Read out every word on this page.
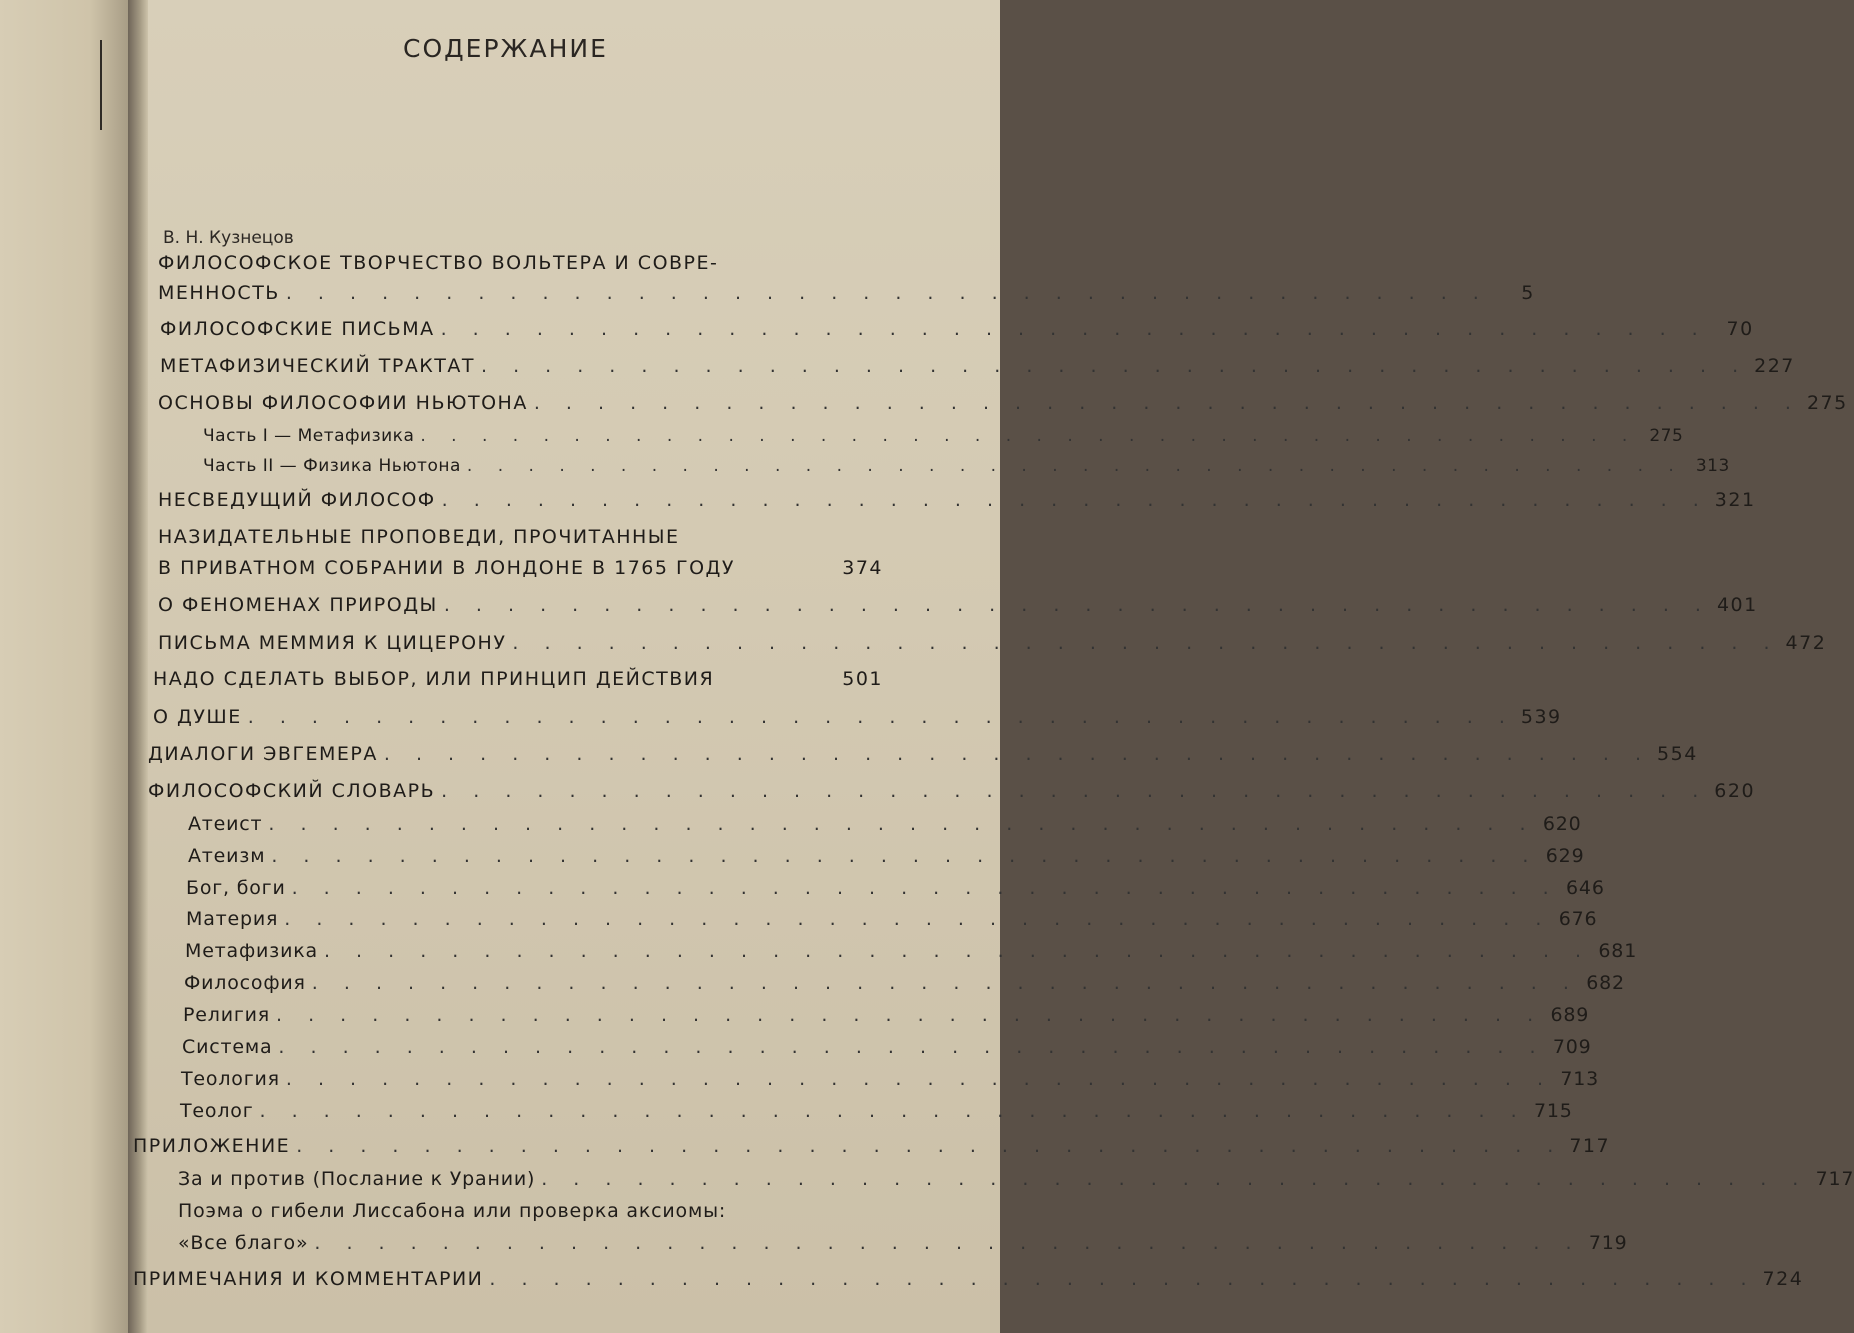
СОДЕРЖАНИЕ
В. Н. Кузнецов
ФИЛОСОФСКОЕ ТВОРЧЕСТВО ВОЛЬТЕРА И СОВРЕ-
МЕННОСТЬ . . . . . . . . . . . . . . . . . . . . . . . . . . . . . . . . . . . . . .	5
ФИЛОСОФСКИЕ ПИСЬМА . . . . . . . . . . . . . . . . . . . . . . . . . . . . . . . . . . . . . . . . 70
МЕТАФИЗИЧЕСКИЙ ТРАКТАТ . . . . . . . . . . . . . . . . . . . . . . . . . . . . . . . . . . . . . . . . 227
ОСНОВЫ ФИЛОСОФИИ НЬЮТОНА . . . . . . . . . . . . . . . . . . . . . . . . . . . . . . . . . . . . . . . . 275
Часть I — Метафизика . . . . . . . . . . . . . . . . . . . . . . . . . . . . . . . . . . . . . . . . 275
Часть II — Физика Ньютона . . . . . . . . . . . . . . . . . . . . . . . . . . . . . . . . . . . . . . . . 313
НЕСВЕДУЩИЙ ФИЛОСОФ . . . . . . . . . . . . . . . . . . . . . . . . . . . . . . . . . . . . . . . . 321
НАЗИДАТЕЛЬНЫЕ ПРОПОВЕДИ, ПРОЧИТАННЫЕ
В ПРИВАТНОМ СОБРАНИИ В ЛОНДОНЕ В 1765 ГОДУ	374
О ФЕНОМЕНАХ ПРИРОДЫ . . . . . . . . . . . . . . . . . . . . . . . . . . . . . . . . . . . . . . . . 401
ПИСЬМА МЕММИЯ К ЦИЦЕРОНУ . . . . . . . . . . . . . . . . . . . . . . . . . . . . . . . . . . . . . . . . 472
НАДО СДЕЛАТЬ ВЫБОР, ИЛИ ПРИНЦИП ДЕЙСТВИЯ	501
О ДУШЕ . . . . . . . . . . . . . . . . . . . . . . . . . . . . . . . . . . . . . . . . 539
ДИАЛОГИ ЭВГЕМЕРА . . . . . . . . . . . . . . . . . . . . . . . . . . . . . . . . . . . . . . . . 554
ФИЛОСОФСКИЙ СЛОВАРЬ . . . . . . . . . . . . . . . . . . . . . . . . . . . . . . . . . . . . . . . . 620
Атеист . . . . . . . . . . . . . . . . . . . . . . . . . . . . . . . . . . . . . . . . 620
Атеизм . . . . . . . . . . . . . . . . . . . . . . . . . . . . . . . . . . . . . . . . 629
Бог, боги . . . . . . . . . . . . . . . . . . . . . . . . . . . . . . . . . . . . . . . . 646
Материя . . . . . . . . . . . . . . . . . . . . . . . . . . . . . . . . . . . . . . . . 676
Метафизика . . . . . . . . . . . . . . . . . . . . . . . . . . . . . . . . . . . . . . . . 681
Философия . . . . . . . . . . . . . . . . . . . . . . . . . . . . . . . . . . . . . . . . 682
Религия . . . . . . . . . . . . . . . . . . . . . . . . . . . . . . . . . . . . . . . . 689
Система . . . . . . . . . . . . . . . . . . . . . . . . . . . . . . . . . . . . . . . . 709
Теология . . . . . . . . . . . . . . . . . . . . . . . . . . . . . . . . . . . . . . . . 713
Теолог . . . . . . . . . . . . . . . . . . . . . . . . . . . . . . . . . . . . . . . . 715
ПРИЛОЖЕНИЕ . . . . . . . . . . . . . . . . . . . . . . . . . . . . . . . . . . . . . . . . 717
За и против (Послание к Урании) . . . . . . . . . . . . . . . . . . . . . . . . . . . . . . . . . . . . . . . . 717
Поэма о гибели Лиссабона или проверка аксиомы:
«Все благо» . . . . . . . . . . . . . . . . . . . . . . . . . . . . . . . . . . . . . . . . 719
ПРИМЕЧАНИЯ И КОММЕНТАРИИ . . . . . . . . . . . . . . . . . . . . . . . . . . . . . . . . . . . . . . . . 724
